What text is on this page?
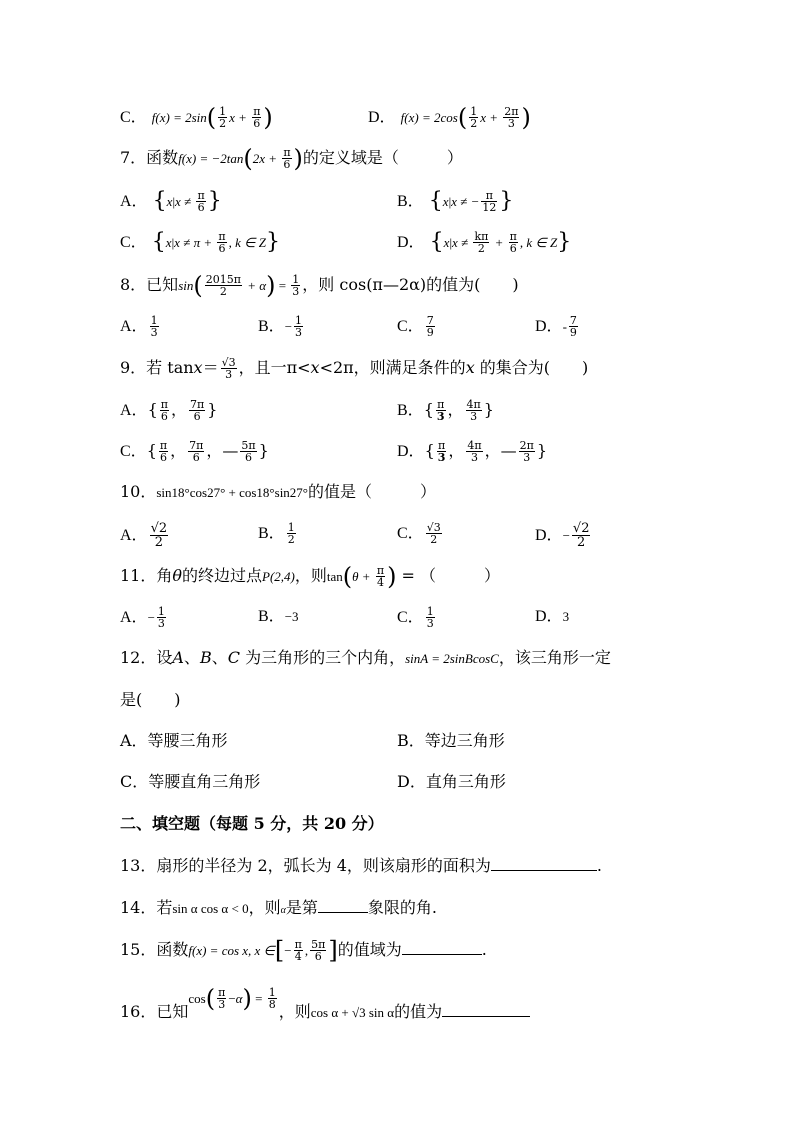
C． $f(x) = 2\sin( \frac{1}{2}$ $x + \frac{\pi}{6}$ )	D． $f(x) = 2\cos( \frac{1}{2}$ $x + \frac{2\pi}{3}$ )
7．函数$f(x) = -2\tan(2x + \frac{\pi}{6}$ )的定义域是（　　　）
A． {$x|x \ne \frac{\pi}{6}$ }	B． {x|x ≠ − $\frac{\pi}{12}$ }
C． {$x|x \ne \pi + \frac{\pi}{6}$ , k ∈ Z}	D． {$x|x \ne \frac{k\pi}{2} + \frac{\pi}{6}$ , k ∈ Z}
8．已知$\sin( \frac{2015\pi}{2} + \alpha) = \frac{1}{3}$ ，则 cos(π—2α)的值为(　　)
A． $\frac{1}{3}$	B．− $\frac{1}{3}$	C． $\frac{7}{9}$	D．- $\frac{7}{9}$
9．若 $\tan x= \frac{√3}{3}$ ，且一π<x<2π，则满足条件的x 的集合为(　　)
A．{ $\frac{\pi}{6}$ ， $\frac{7\pi}{6}$ }	B．{ $\frac{\pi}{3}$ ， $\frac{4\pi}{3}$ }
C．{ $\frac{\pi}{6}$ ， $\frac{7\pi}{6}$ ，— $\frac{5\pi}{6}$ }	D．{ $\frac{\pi}{3}$ ， $\frac{4\pi}{3}$ ，— $\frac{2\pi}{3}$ }
10．sin18°cos27° + cos18°sin27°的值是（　　　）
A． $\frac{√2}{2}$	B． $\frac{1}{2}$	C． $\frac{√3}{2}$	D．− $\frac{√2}{2}$
11．角θ的终边过点P(2,4)，则$\tan(\theta + \frac{\pi}{4}$ ) = （　　　）
A．− $\frac{1}{3}$	B．−3	C． $\frac{1}{3}$	D．3
12．设A、B、C 为三角形的三个内角，sinA = 2sinBcosC，该三角形一定
是(　　)
A．等腰三角形	B．等边三角形
C．等腰直角三角形	D．直角三角形
二、填空题（每题 5 分，共 20 分）
13．扇形的半径为 2，弧长为 4，则该扇形的面积为	.
14．若sin α cos α < 0，则α是第	象限的角.
15．函数f(x) = cos x, x ∈[− $\frac{\pi}{4}$ , $\frac{5\pi}{6}$ ]的值域为	.
16．已知$\cos( \frac{\pi}{3} -\alpha) = \frac{1}{8}$
，则cos α + √3 sin α的值为
